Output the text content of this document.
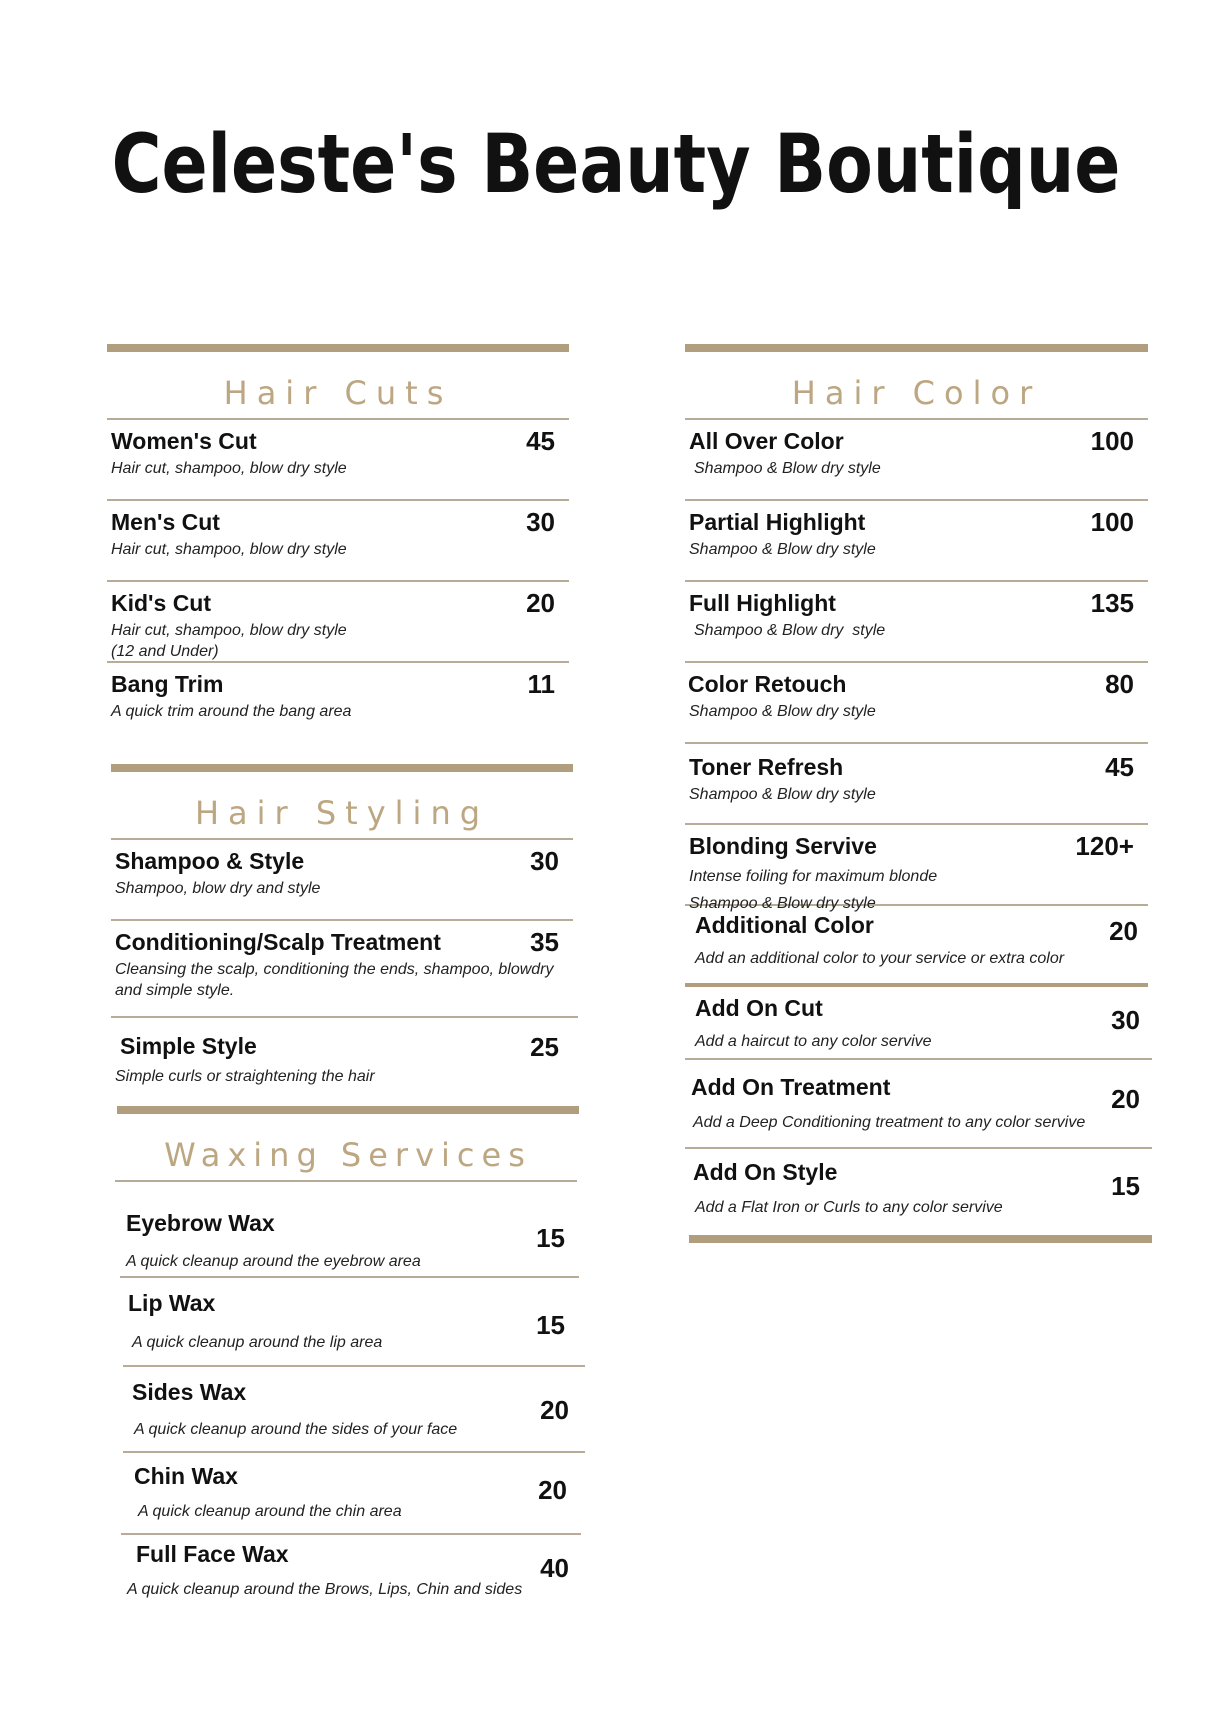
Celeste's Beauty Boutique
Hair Cuts
Women's Cut
Hair cut, shampoo, blow dry style
45
Men's Cut
Hair cut, shampoo, blow dry style
30
Kid's Cut
Hair cut, shampoo, blow dry style
(12 and Under)
20
Bang Trim
A quick trim around the bang area
11
Hair Styling
Shampoo & Style
Shampoo, blow dry and style
30
Conditioning/Scalp Treatment
Cleansing the scalp, conditioning the ends, shampoo, blowdry
and simple style.
35
Simple Style
Simple curls or straightening the hair
25
Waxing Services
Eyebrow Wax
A quick cleanup around the eyebrow area
15
Lip Wax
A quick cleanup around the lip area
15
Sides Wax
A quick cleanup around the sides of your face
20
Chin Wax
A quick cleanup around the chin area
20
Full Face Wax
A quick cleanup around the Brows, Lips, Chin and sides
40
Hair Color
All Over Color
Shampoo & Blow dry style
100
Partial Highlight
Shampoo & Blow dry style
100
Full Highlight
Shampoo & Blow dry  style
135
Color Retouch
Shampoo & Blow dry style
80
Toner Refresh
Shampoo & Blow dry style
45
Blonding Servive
Intense foiling for maximum blonde
Shampoo & Blow dry style
120+
Additional Color
Add an additional color to your service or extra color
20
Add On Cut
Add a haircut to any color servive
30
Add On Treatment
Add a Deep Conditioning treatment to any color servive
20
Add On Style
Add a Flat Iron or Curls to any color servive
15
